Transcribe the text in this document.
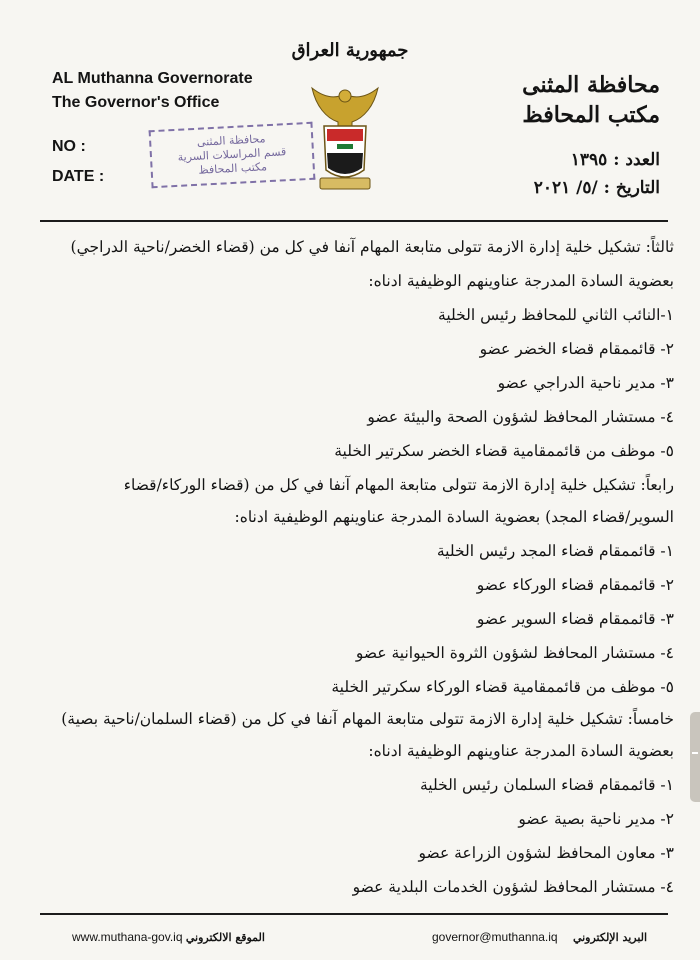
جمهورية العراق
AL Muthanna Governorate
The Governor's Office
NO :
DATE :
محافظة المثنى
قسم المراسلات السرية
مكتب المحافظ
محافظة المثنى
مكتب المحافظ
العدد : ١٣٩٥
التاريخ : /٥/ ٢٠٢١
ثالثاً: تشكيل خلية إدارة الازمة تتولى متابعة المهام آنفا في كل من (قضاء الخضر/ناحية الدراجي)
بعضوية السادة المدرجة عناوينهم الوظيفية ادناه:
١-النائب الثاني للمحافظ رئيس الخلية
٢- قائممقام قضاء الخضر عضو
٣- مدير ناحية الدراجي عضو
٤- مستشار المحافظ لشؤون الصحة والبيئة عضو
٥- موظف من قائممقامية قضاء الخضر سكرتير الخلية
رابعاً: تشكيل خلية إدارة الازمة تتولى متابعة المهام آنفا في كل من (قضاء الوركاء/قضاء
السوير/قضاء المجد) بعضوية السادة المدرجة عناوينهم الوظيفية ادناه:
١- قائممقام قضاء المجد رئيس الخلية
٢- قائممقام قضاء الوركاء عضو
٣- قائممقام قضاء السوير عضو
٤- مستشار المحافظ لشؤون الثروة الحيوانية عضو
٥- موظف من قائممقامية قضاء الوركاء سكرتير الخلية
خامساً: تشكيل خلية إدارة الازمة تتولى متابعة المهام آنفا في كل من (قضاء السلمان/ناحية بصية)
بعضوية السادة المدرجة عناوينهم الوظيفية ادناه:
١- قائممقام قضاء السلمان رئيس الخلية
٢- مدير ناحية بصية عضو
٣- معاون المحافظ لشؤون الزراعة عضو
٤- مستشار المحافظ لشؤون الخدمات البلدية عضو
www.muthana-gov.iq الموقع الالكتروني	governor@muthanna.iq البريد الإلكتروني
